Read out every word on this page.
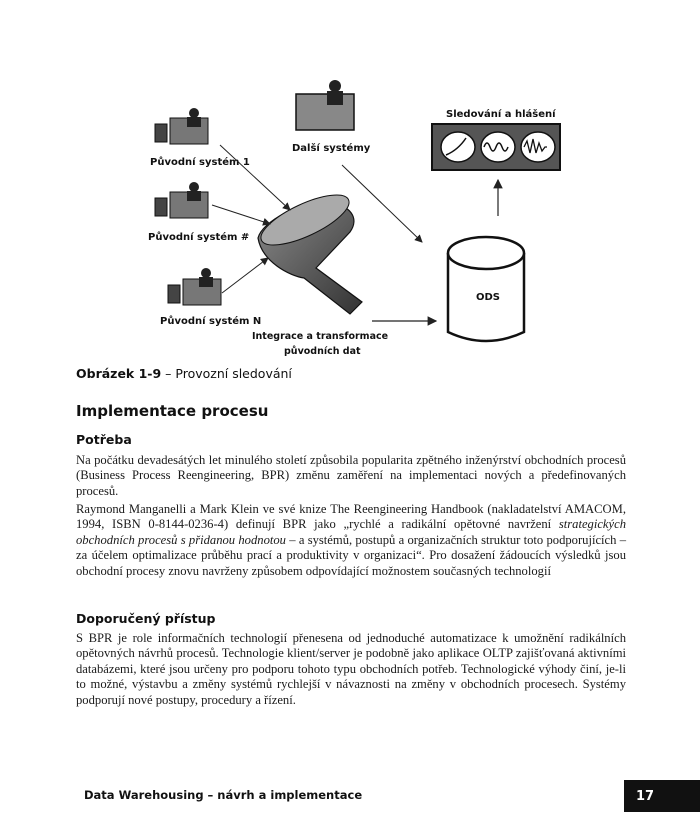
Původní systém 1
Původní systém #
Původní systém N
Další systémy
Sledování a hlášení
ODS
Integrace a transformace
původních dat
Obrázek 1-9 – Provozní sledování
Implementace procesu
Potřeba

Na počátku devadesátých let minulého století způsobila popularita zpětného inženýrství obchodních procesů (Business Process Reengineering, BPR) změnu zaměření na implementaci nových a předefinovaných procesů.

Raymond Manganelli a Mark Klein ve své knize The Reengineering Handbook (nakladatelství AMACOM, 1994, ISBN 0-8144-0236-4) definují BPR jako „rychlé a radikální opětovné navržení strategických obchodních procesů s přidanou hodnotou – a systémů, postupů a organizačních struktur toto podporujících – za účelem optimalizace průběhu prací a produktivity v organizaci“. Pro dosažení žádoucích výsledků jsou obchodní procesy znovu navrženy způsobem odpovídající možnostem současných technologií

Doporučený přístup

S BPR je role informačních technologií přenesena od jednoduché automatizace k umožnění radikálních opětovných návrhů procesů. Technologie klient/server je podobně jako aplikace OLTP zajišťovaná aktivními databázemi, které jsou určeny pro podporu tohoto typu obchodních potřeb. Technologické výhody činí, je-li to možné, výstavbu a změny systémů rychlejší v návaznosti na změny v obchodních procesech. Systémy podporují nové postupy, procedury a řízení.

Data Warehousing – návrh a implementace	17
